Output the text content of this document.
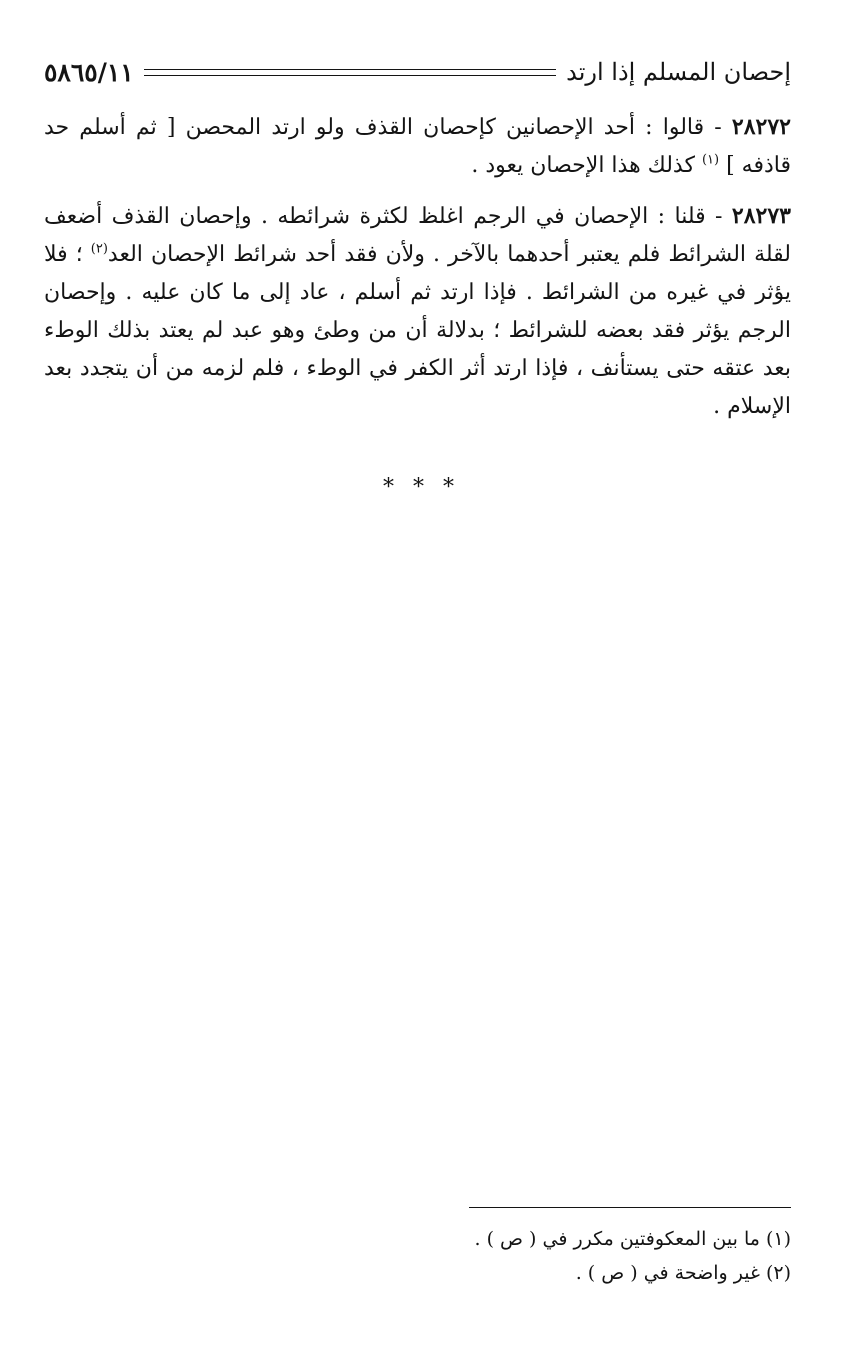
إحصان المسلم إذا ارتد
٥٨٦٥/١١

٢٨٢٧٢ - قالوا : أحد الإحصانين كإحصان القذف ولو ارتد المحصن [ ثم أسلم حد قاذفه ] $^{(١)}$ كذلك هذا الإحصان يعود .

٢٨٢٧٣ - قلنا : الإحصان في الرجم اغلظ لكثرة شرائطه . وإحصان القذف أضعف لقلة الشرائط فلم يعتبر أحدهما بالآخر . ولأن فقد أحد شرائط الإحصان العد$^{(٢)}$ ؛ فلا يؤثر في غيره من الشرائط . فإذا ارتد ثم أسلم ، عاد إلى ما كان عليه . وإحصان الرجم يؤثر فقد بعضه للشرائط ؛ بدلالة أن من وطئ وهو عبد لم يعتد بذلك الوطء بعد عتقه حتى يستأنف ، فإذا ارتد أثر الكفر في الوطء ، فلم لزمه من أن يتجدد بعد الإسلام .

* * *

(١) ما بين المعكوفتين مكرر في ( ص ) .

(٢) غير واضحة في ( ص ) .
